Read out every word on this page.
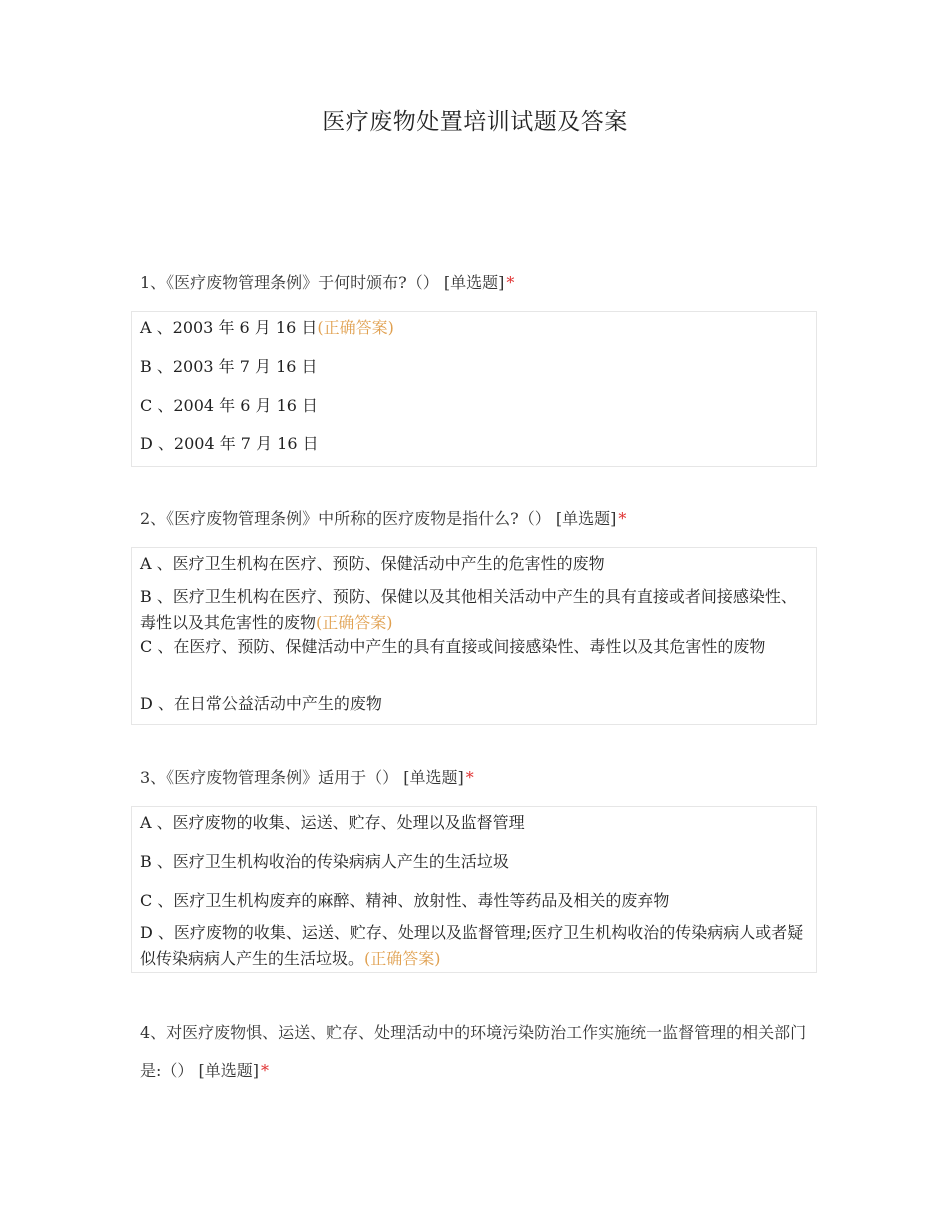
医疗废物处置培训试题及答案
1、《医疗废物管理条例》于何时颁布?（） [单选题] *
A 、2003 年 6 月 16 日(正确答案)
B 、2003 年 7 月 16 日
C 、2004 年 6 月 16 日
D 、2004 年 7 月 16 日
2、《医疗废物管理条例》中所称的医疗废物是指什么?（） [单选题] *
A 、医疗卫生机构在医疗、预防、保健活动中产生的危害性的废物
B 、医疗卫生机构在医疗、预防、保健以及其他相关活动中产生的具有直接或者间接感染性、毒性以及其危害性的废物(正确答案)
C 、在医疗、预防、保健活动中产生的具有直接或间接感染性、毒性以及其危害性的废物
D 、在日常公益活动中产生的废物
3、《医疗废物管理条例》适用于（） [单选题] *
A 、医疗废物的收集、运送、贮存、处理以及监督管理
B 、医疗卫生机构收治的传染病病人产生的生活垃圾
C 、医疗卫生机构废弃的麻醉、精神、放射性、毒性等药品及相关的废弃物
D 、医疗废物的收集、运送、贮存、处理以及监督管理;医疗卫生机构收治的传染病病人或者疑似传染病病人产生的生活垃圾。(正确答案)
4、对医疗废物惧、运送、贮存、处理活动中的环境污染防治工作实施统一监督管理的相关部门是:（） [单选题] *
